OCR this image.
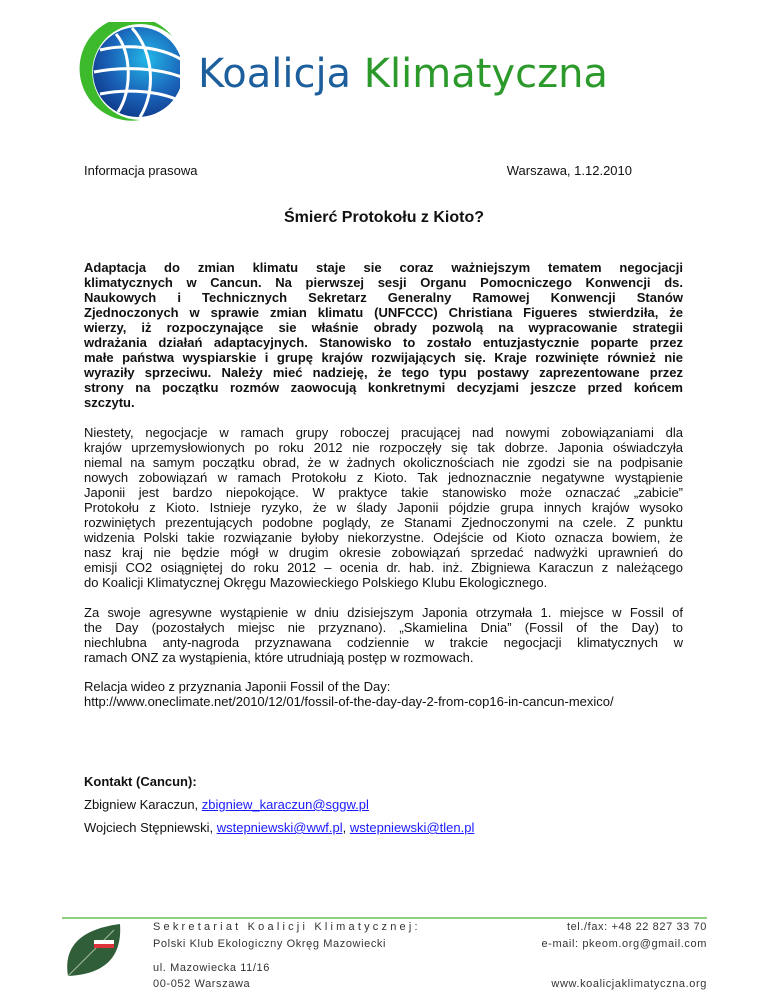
Koalicja Klimatyczna
Informacja prasowa	Warszawa, 1.12.2010
Śmierć Protokołu z Kioto?
Adaptacja do zmian klimatu staje sie coraz ważniejszym tematem negocjacji
klimatycznych w Cancun. Na pierwszej sesji Organu Pomocniczego Konwencji ds.
Naukowych i Technicznych Sekretarz Generalny Ramowej Konwencji Stanów
Zjednoczonych w sprawie zmian klimatu (UNFCCC) Christiana Figueres stwierdziła, że
wierzy, iż rozpoczynające sie właśnie obrady pozwolą na wypracowanie strategii
wdrażania działań adaptacyjnych. Stanowisko to zostało entuzjastycznie poparte przez
małe państwa wyspiarskie i grupę krajów rozwijających się. Kraje rozwinięte również nie
wyraziły sprzeciwu. Należy mieć nadzieję, że tego typu postawy zaprezentowane przez
strony na początku rozmów zaowocują konkretnymi decyzjami jeszcze przed końcem
szczytu.
Niestety, negocjacje w ramach grupy roboczej pracującej nad nowymi zobowiązaniami dla
krajów uprzemysłowionych po roku 2012 nie rozpoczęły się tak dobrze. Japonia oświadczyła
niemal na samym początku obrad, że w żadnych okolicznościach nie zgodzi sie na podpisanie
nowych zobowiązań w ramach Protokołu z Kioto. Tak jednoznacznie negatywne wystąpienie
Japonii jest bardzo niepokojące. W praktyce takie stanowisko może oznaczać „zabicie”
Protokołu z Kioto. Istnieje ryzyko, że w ślady Japonii pójdzie grupa innych krajów wysoko
rozwiniętych prezentujących podobne poglądy, ze Stanami Zjednoczonymi na czele. Z punktu
widzenia Polski takie rozwiązanie byłoby niekorzystne. Odejście od Kioto oznacza bowiem, że
nasz kraj nie będzie mógł w drugim okresie zobowiązań sprzedać nadwyżki uprawnień do
emisji CO2 osiągniętej do roku 2012 – ocenia dr. hab. inż. Zbigniewa Karaczun z należącego
do Koalicji Klimatycznej Okręgu Mazowieckiego Polskiego Klubu Ekologicznego.
Za swoje agresywne wystąpienie w dniu dzisiejszym Japonia otrzymała 1. miejsce w Fossil of
the Day (pozostałych miejsc nie przyznano). „Skamielina Dnia” (Fossil of the Day) to
niechlubna anty-nagroda przyznawana codziennie w trakcie negocjacji klimatycznych w
ramach ONZ za wystąpienia, które utrudniają postęp w rozmowach.
Relacja wideo z przyznania Japonii Fossil of the Day:
http://www.oneclimate.net/2010/12/01/fossil-of-the-day-day-2-from-cop16-in-cancun-mexico/
Kontakt (Cancun):
Zbigniew Karaczun, zbigniew_karaczun@sggw.pl
Wojciech Stępniewski, wstepniewski@wwf.pl, wstepniewski@tlen.pl
Sekretariat Koalicji Klimatycznej:
Polski Klub Ekologiczny Okręg Mazowiecki
ul. Mazowiecka 11/16
00-052 Warszawa
tel./fax: +48 22 827 33 70
e-mail: pkeom.org@gmail.com
www.koalicjaklimatyczna.org
